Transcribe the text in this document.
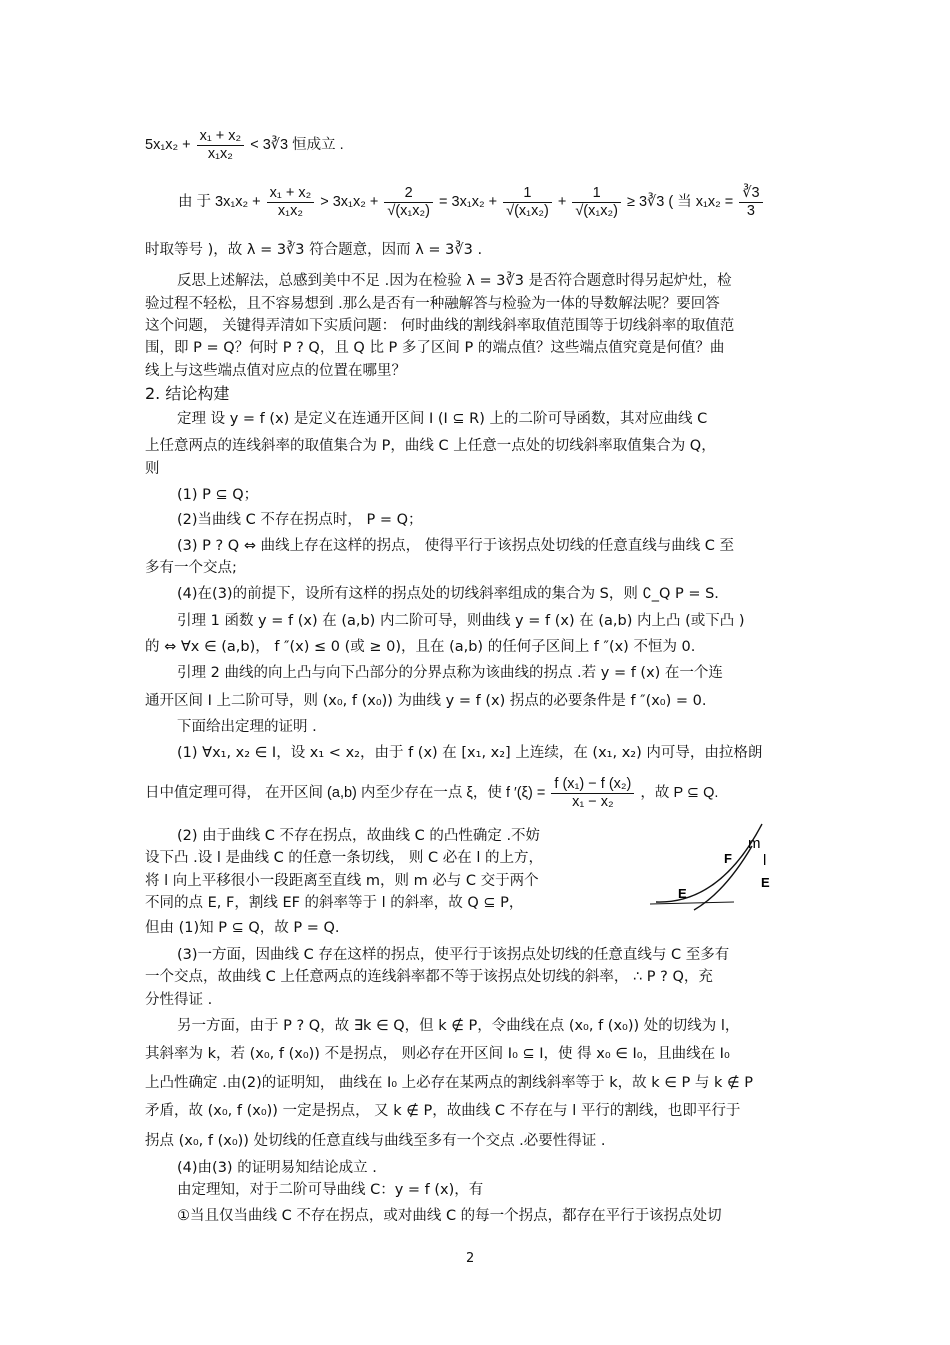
$5x_1x_2 + \frac{\text{x₁ + x₂}}{\text{x₁x₂}}$ < 3∛3 恒成立 .
由 于 $3x_1x_2 + \frac{\text{x₁ + x₂}}{\text{x₁x₂}} > 3x_1x_2 + \frac{2}{\text{√(x₁x₂)}} = 3x_1x_2 + \frac{1}{\text{√(x₁x₂)}} + \frac{1}{\text{√(x₁x₂)}}$ ≥ 3∛3 ( 当 $x_1x_2 = \frac{∛3}{3}$
时取等号 )，故 λ = 3∛3 符合题意，因而 λ = 3∛3 .
反思上述解法，总感到美中不足 .因为在检验 λ = 3∛3 是否符合题意时得另起炉灶，检
验过程不轻松，且不容易想到 .那么是否有一种融解答与检验为一体的导数解法呢？要回答
这个问题， 关键得弄清如下实质问题： 何时曲线的割线斜率取值范围等于切线斜率的取值范
围，即 P = Q？何时 P ? Q，且 Q 比 P 多了区间 P 的端点值？这些端点值究竟是何值？曲
线上与这些端点值对应点的位置在哪里？
2. 结论构建
定理 设 y = f (x) 是定义在连通开区间 I (I ⊆ R) 上的二阶可导函数，其对应曲线 C
上任意两点的连线斜率的取值集合为 P，曲线 C 上任意一点处的切线斜率取值集合为 Q，
则
(1) P ⊆ Q；
(2)当曲线 C 不存在拐点时， P = Q；
(3) P ? Q ⇔ 曲线上存在这样的拐点， 使得平行于该拐点处切线的任意直线与曲线 C 至
多有一个交点;
(4)在(3)的前提下，设所有这样的拐点处的切线斜率组成的集合为 S，则 ∁_Q P = S.
引理 1 函数 y = f (x) 在 (a,b) 内二阶可导，则曲线 y = f (x) 在 (a,b) 内上凸 (或下凸 )
的 ⇔ ∀x ∈ (a,b)， f ″(x) ≤ 0 (或 ≥ 0)，且在 (a,b) 的任何子区间上 f ″(x) 不恒为 0.
引理 2 曲线的向上凸与向下凸部分的分界点称为该曲线的拐点 .若 y = f (x) 在一个连
通开区间 I 上二阶可导，则 (x₀, f (x₀)) 为曲线 y = f (x) 拐点的必要条件是 f ″(x₀) = 0.
下面给出定理的证明 .
(1) ∀x₁, x₂ ∈ I，设 x₁ < x₂，由于 f (x) 在 [x₁, x₂] 上连续，在 (x₁, x₂) 内可导，由拉格朗
日中值定理可得， 在开区间 (a,b) 内至少存在一点 ξ，使 f $'(\xi) = \frac{\text{f (x₁) − f (x₂)}}{\text{x₁ − x₂}}$ ，故 P ⊆ Q.
(2) 由于曲线 C 不存在拐点，故曲线 C 的凸性确定 .不妨
设下凸 .设 l 是曲线 C 的任意一条切线， 则 C 必在 l 的上方，
将 l 向上平移很小一段距离至直线 m，则 m 必与 C 交于两个
不同的点 E, F，割线 EF 的斜率等于 l 的斜率，故 Q ⊆ P，
但由 (1)知 P ⊆ Q，故 P = Q.
m
F l
E
E
(3)一方面，因曲线 C 存在这样的拐点，使平行于该拐点处切线的任意直线与 C 至多有
一个交点，故曲线 C 上任意两点的连线斜率都不等于该拐点处切线的斜率， ∴ P ? Q，充
分性得证 .
另一方面，由于 P ? Q，故 ∃k ∈ Q，但 k ∉ P，令曲线在点 (x₀, f (x₀)) 处的切线为 l，
其斜率为 k，若 (x₀, f (x₀)) 不是拐点， 则必存在开区间 I₀ ⊆ I，使 得 x₀ ∈ I₀，且曲线在 I₀
上凸性确定 .由(2)的证明知， 曲线在 I₀ 上必存在某两点的割线斜率等于 k，故 k ∈ P 与 k ∉ P
矛盾，故 (x₀, f (x₀)) 一定是拐点， 又 k ∉ P，故曲线 C 不存在与 l 平行的割线，也即平行于
拐点 (x₀, f (x₀)) 处切线的任意直线与曲线至多有一个交点 .必要性得证 .
(4)由(3) 的证明易知结论成立 .
由定理知，对于二阶可导曲线 C：y = f (x)，有
①当且仅当曲线 C 不存在拐点，或对曲线 C 的每一个拐点，都存在平行于该拐点处切
2
